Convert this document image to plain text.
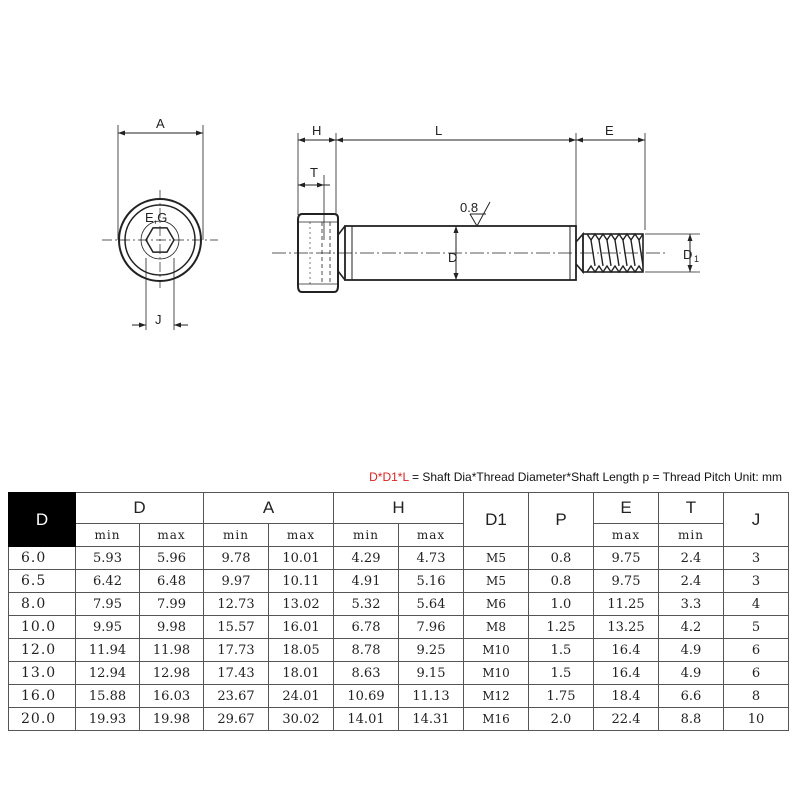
A
E,G
J
H	L	E
T
0.8
D	D 1
D*D1*L = Shaft Dia*Thread Diameter*Shaft Length p = Thread Pitch Unit: mm
D	D		A		H		D1	P	E	T	J
	min	max	min	max	min	max			max	min	
6.0	5.93	5.96	9.78	10.01	4.29	4.73	M5	0.8	9.75	2.4	3
6.5	6.42	6.48	9.97	10.11	4.91	5.16	M5	0.8	9.75	2.4	3
8.0	7.95	7.99	12.73	13.02	5.32	5.64	M6	1.0	11.25	3.3	4
10.0	9.95	9.98	15.57	16.01	6.78	7.96	M8	1.25	13.25	4.2	5
12.0	11.94	11.98	17.73	18.05	8.78	9.25	M10	1.5	16.4	4.9	6
13.0	12.94	12.98	17.43	18.01	8.63	9.15	M10	1.5	16.4	4.9	6
16.0	15.88	16.03	23.67	24.01	10.69	11.13	M12	1.75	18.4	6.6	8
20.0	19.93	19.98	29.67	30.02	14.01	14.31	M16	2.0	22.4	8.8	10
